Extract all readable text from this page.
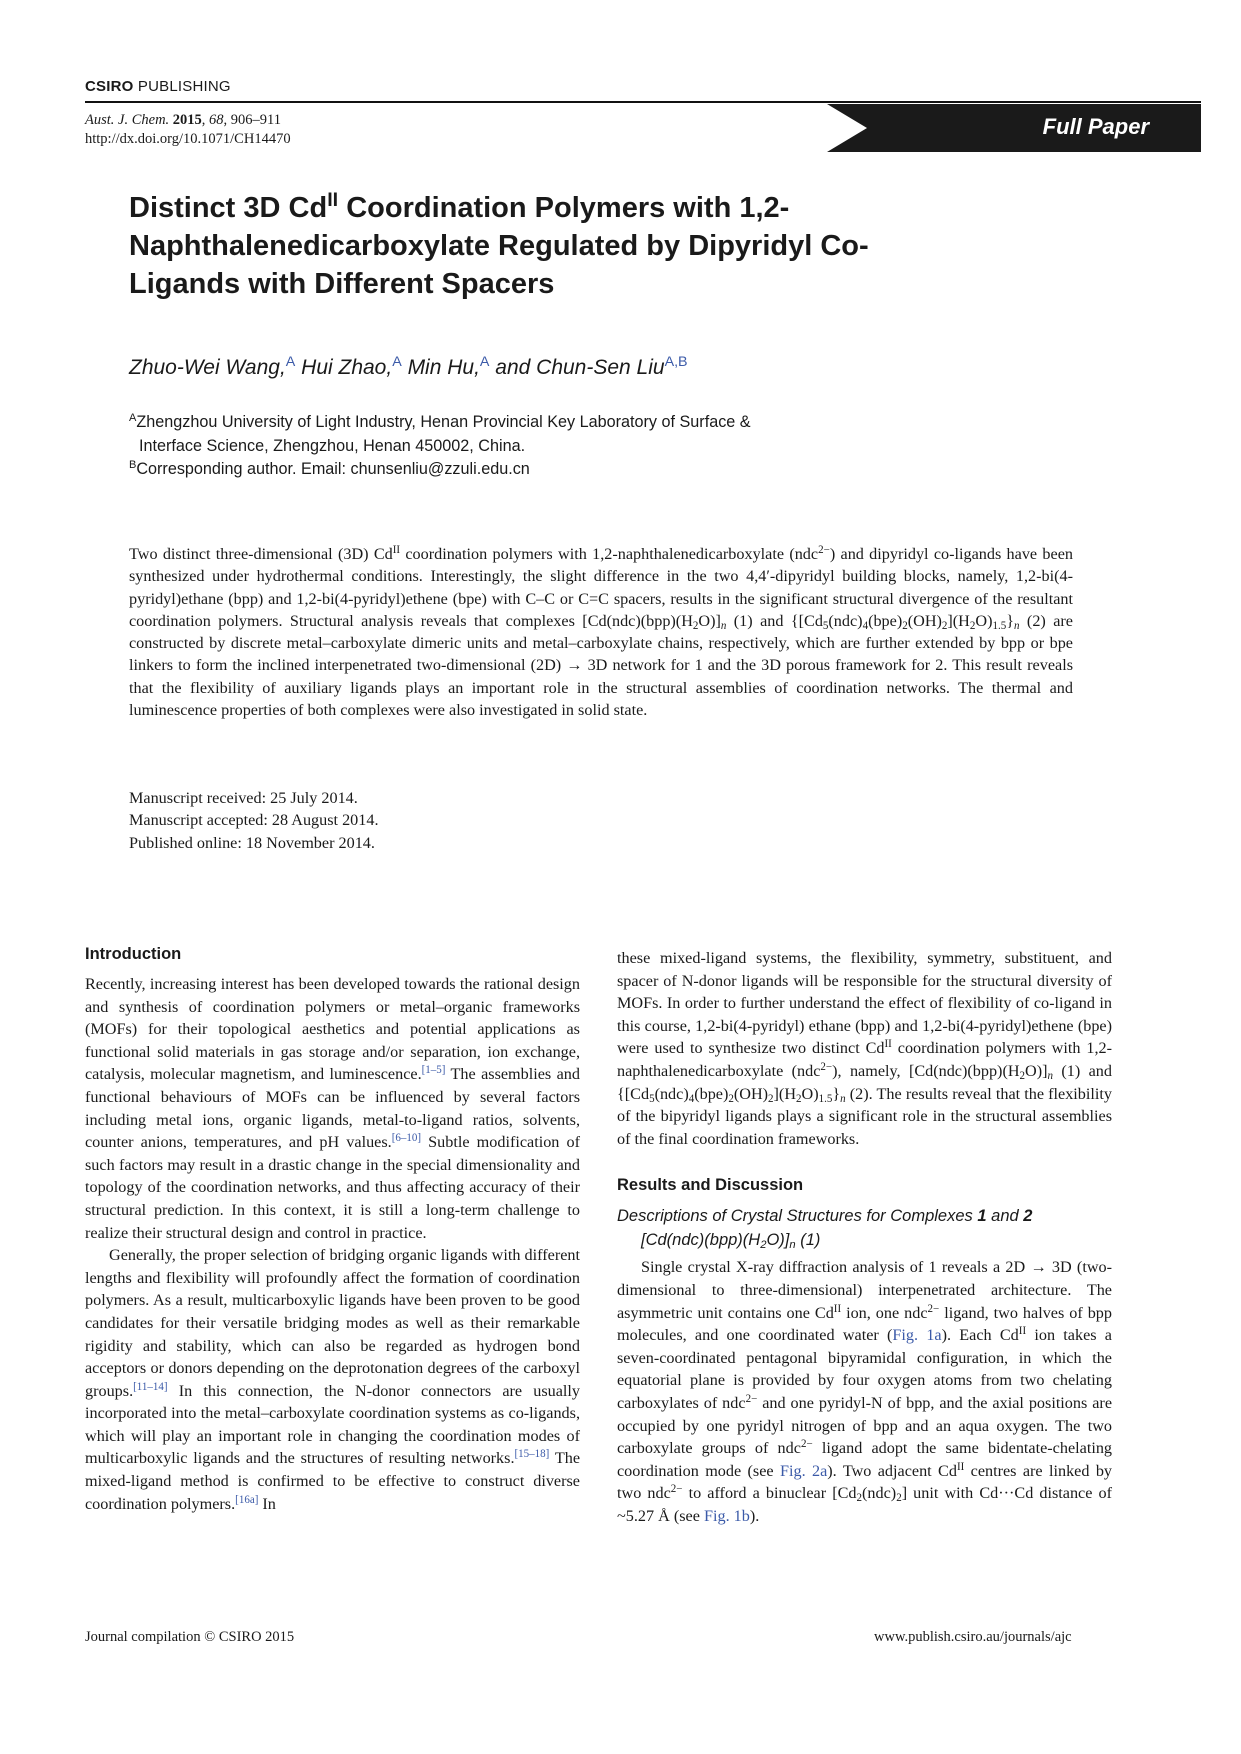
CSIRO PUBLISHING
Aust. J. Chem. 2015, 68, 906–911
http://dx.doi.org/10.1071/CH14470	Full Paper
Distinct 3D $Cd^{II}$ Coordination Polymers with 1,2-Naphthalenedicarboxylate Regulated by Dipyridyl Co-Ligands with Different Spacers
Zhuo-Wei Wang,$^A$ Hui Zhao,$^A$ Min Hu,$^A$ and Chun-Sen Liu$^{A,B}$
$^A$Zhengzhou University of Light Industry, Henan Provincial Key Laboratory of Surface &
Interface Science, Zhengzhou, Henan 450002, China.
$^B$Corresponding author. Email: chunsenliu@zzuli.edu.cn
Two distinct three-dimensional (3D) $Cd^{II}$ coordination polymers with 1,2-naphthalenedicarboxylate (ndc$^{2-}$) and dipyridyl co-ligands have been synthesized under hydrothermal conditions. Interestingly, the slight difference in the two 4,4′-dipyridyl building blocks, namely, 1,2-bi(4-pyridyl)ethane (bpp) and 1,2-bi(4-pyridyl)ethene (bpe) with C–C or C=C spacers, results in the significant structural divergence of the resultant coordination polymers. Structural analysis reveals that complexes $[Cd(ndc)(bpp)(H_2O)]_n$ (1) and $\{[Cd_5(ndc)_4(bpe)_2(OH)_2](H_2O)_{1.5}\}_n$ (2) are constructed by discrete metal–carboxylate dimeric units and metal–carboxylate chains, respectively, which are further extended by bpp or bpe linkers to form the inclined interpenetrated two-dimensional (2D) → 3D network for 1 and the 3D porous framework for 2. This result reveals that the flexibility of auxiliary ligands plays an important role in the structural assemblies of coordination networks. The thermal and luminescence properties of both complexes were also investigated in solid state.
Manuscript received: 25 July 2014.
Manuscript accepted: 28 August 2014.
Published online: 18 November 2014.
Introduction

Recently, increasing interest has been developed towards the rational design and synthesis of coordination polymers or metal–organic frameworks (MOFs) for their topological aesthetics and potential applications as functional solid materials in gas storage and/or separation, ion exchange, catalysis, molecular magnetism, and luminescence.[1–5] The assemblies and functional behaviours of MOFs can be influenced by several factors including metal ions, organic ligands, metal-to-ligand ratios, solvents, counter anions, temperatures, and pH values.[6–10] Subtle modification of such factors may result in a drastic change in the special dimensionality and topology of the coordination networks, and thus affecting accuracy of their structural prediction. In this context, it is still a long-term challenge to realize their structural design and control in practice.

Generally, the proper selection of bridging organic ligands with different lengths and flexibility will profoundly affect the formation of coordination polymers. As a result, multicarboxylic ligands have been proven to be good candidates for their versatile bridging modes as well as their remarkable rigidity and stability, which can also be regarded as hydrogen bond acceptors or donors depending on the deprotonation degrees of the carboxyl groups.[11–14] In this connection, the N-donor connectors are usually incorporated into the metal–carboxylate coordination systems as co-ligands, which will play an important role in changing the coordination modes of multicarboxylic ligands and the structures of resulting networks.[15–18] The mixed-ligand method is confirmed to be effective to construct diverse coordination polymers.[16a] In

these mixed-ligand systems, the flexibility, symmetry, substituent, and spacer of N-donor ligands will be responsible for the structural diversity of MOFs. In order to further understand the effect of flexibility of co-ligand in this course, 1,2-bi(4-pyridyl) ethane (bpp) and 1,2-bi(4-pyridyl)ethene (bpe) were used to synthesize two distinct $Cd^{II}$ coordination polymers with 1,2-naphthalenedicarboxylate (ndc$^{2-}$), namely, $[Cd(ndc)(bpp)(H_2O)]_n$ (1) and $\{[Cd_5(ndc)_4(bpe)_2(OH)_2](H_2O)_{1.5}\}_n$ (2). The results reveal that the flexibility of the bipyridyl ligands plays a significant role in the structural assemblies of the final coordination frameworks.

Results and Discussion
Descriptions of Crystal Structures for Complexes 1 and 2
$[Cd(ndc)(bpp)(H_2O)]_n$ (1)

Single crystal X-ray diffraction analysis of 1 reveals a 2D → 3D (two-dimensional to three-dimensional) interpenetrated architecture. The asymmetric unit contains one $Cd^{II}$ ion, one ndc$^{2-}$ ligand, two halves of bpp molecules, and one coordinated water (Fig. 1a). Each $Cd^{II}$ ion takes a seven-coordinated pentagonal bipyramidal configuration, in which the equatorial plane is provided by four oxygen atoms from two chelating carboxylates of ndc$^{2-}$ and one pyridyl-N of bpp, and the axial positions are occupied by one pyridyl nitrogen of bpp and an aqua oxygen. The two carboxylate groups of ndc$^{2-}$ ligand adopt the same bidentate-chelating coordination mode (see Fig. 2a). Two adjacent $Cd^{II}$ centres are linked by two ndc$^{2-}$ to afford a binuclear $[Cd_2(ndc)_2]$ unit with Cd···Cd distance of ~5.27 Å (see Fig. 1b).

Journal compilation © CSIRO 2015	www.publish.csiro.au/journals/ajc
